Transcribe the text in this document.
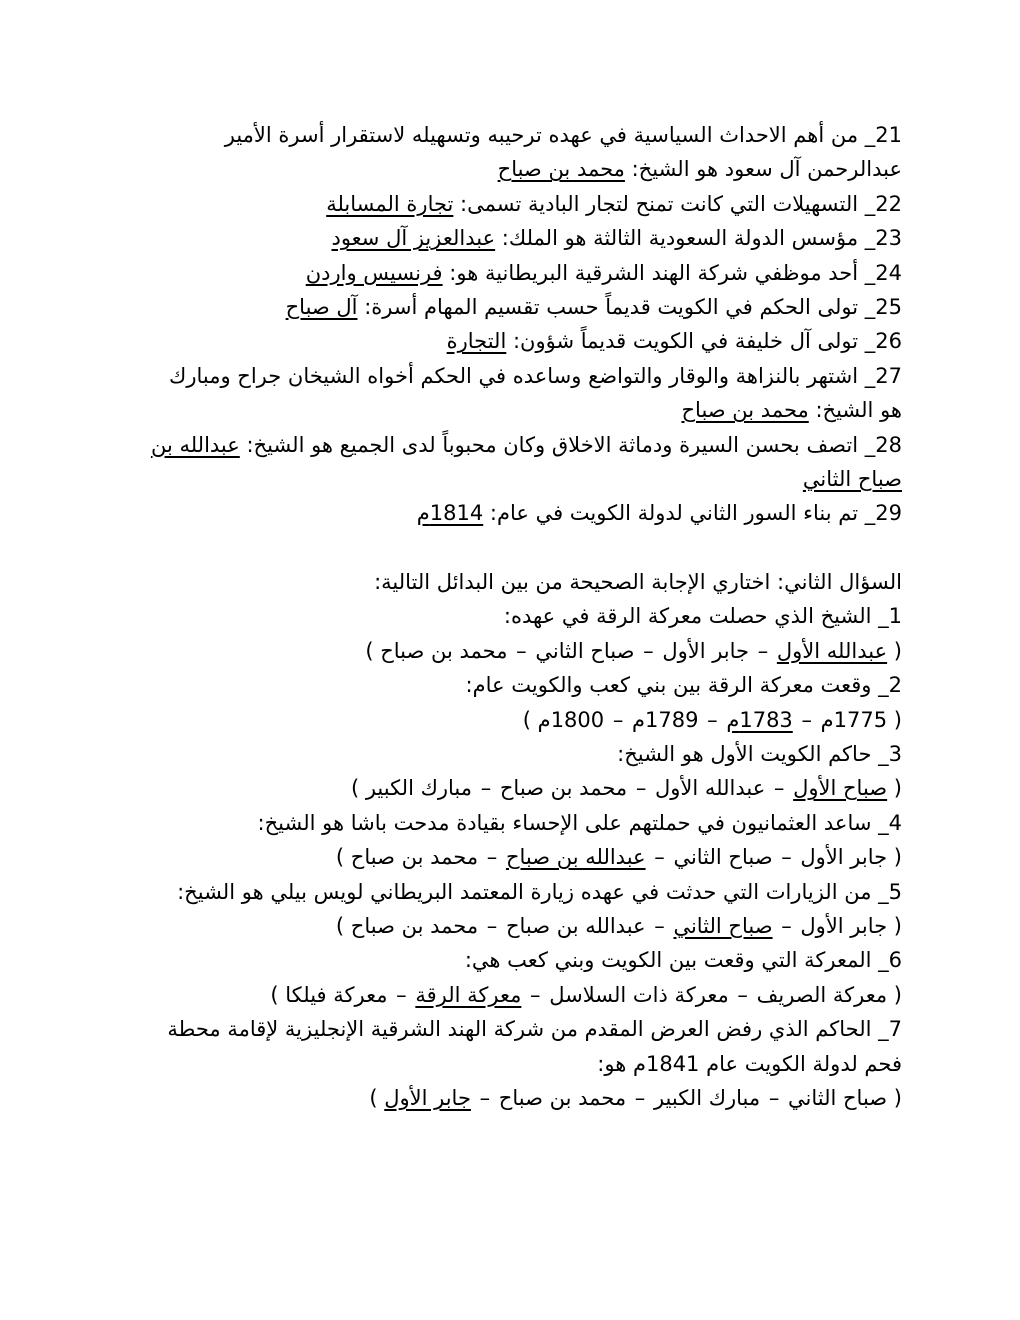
21_ من أهم الاحداث السياسية في عهده ترحيبه وتسهيله لاستقرار أسرة الأمير عبدالرحمن آل سعود هو الشيخ: محمد بن صباح

22_ التسهيلات التي كانت تمنح لتجار البادية تسمى: تجارة المسابلة

23_ مؤسس الدولة السعودية الثالثة هو الملك: عبدالعزيز آل سعود

24_ أحد موظفي شركة الهند الشرقية البريطانية هو: فرنسيس واردن

25_ تولى الحكم في الكويت قديماً حسب تقسيم المهام أسرة: آل صباح

26_ تولى آل خليفة في الكويت قديماً شؤون: التجارة

27_ اشتهر بالنزاهة والوقار والتواضع وساعده في الحكم أخواه الشيخان جراح ومبارك هو الشيخ: محمد بن صباح

28_ اتصف بحسن السيرة ودماثة الاخلاق وكان محبوباً لدى الجميع هو الشيخ: عبدالله بن صباح الثاني

29_ تم بناء السور الثاني لدولة الكويت في عام: 1814م

السؤال الثاني: اختاري الإجابة الصحيحة من بين البدائل التالية:

1_ الشيخ الذي حصلت معركة الرقة في عهده:

( عبدالله الأول – جابر الأول – صباح الثاني – محمد بن صباح )

2_ وقعت معركة الرقة بين بني كعب والكويت عام:

( 1775م – 1783م – 1789م – 1800م )

3_ حاكم الكويت الأول هو الشيخ:

( صباح الأول – عبدالله الأول – محمد بن صباح – مبارك الكبير )

4_ ساعد العثمانيون في حملتهم على الإحساء بقيادة مدحت باشا هو الشيخ:

( جابر الأول – صباح الثاني – عبدالله بن صباح – محمد بن صباح )

5_ من الزيارات التي حدثت في عهده زيارة المعتمد البريطاني لويس بيلي هو الشيخ:

( جابر الأول – صباح الثاني – عبدالله بن صباح – محمد بن صباح )

6_ المعركة التي وقعت بين الكويت وبني كعب هي:

( معركة الصريف – معركة ذات السلاسل – معركة الرقة – معركة فيلكا )

7_ الحاكم الذي رفض العرض المقدم من شركة الهند الشرقية الإنجليزية لإقامة محطة فحم لدولة الكويت عام 1841م هو:

( صباح الثاني – مبارك الكبير – محمد بن صباح – جابر الأول )
